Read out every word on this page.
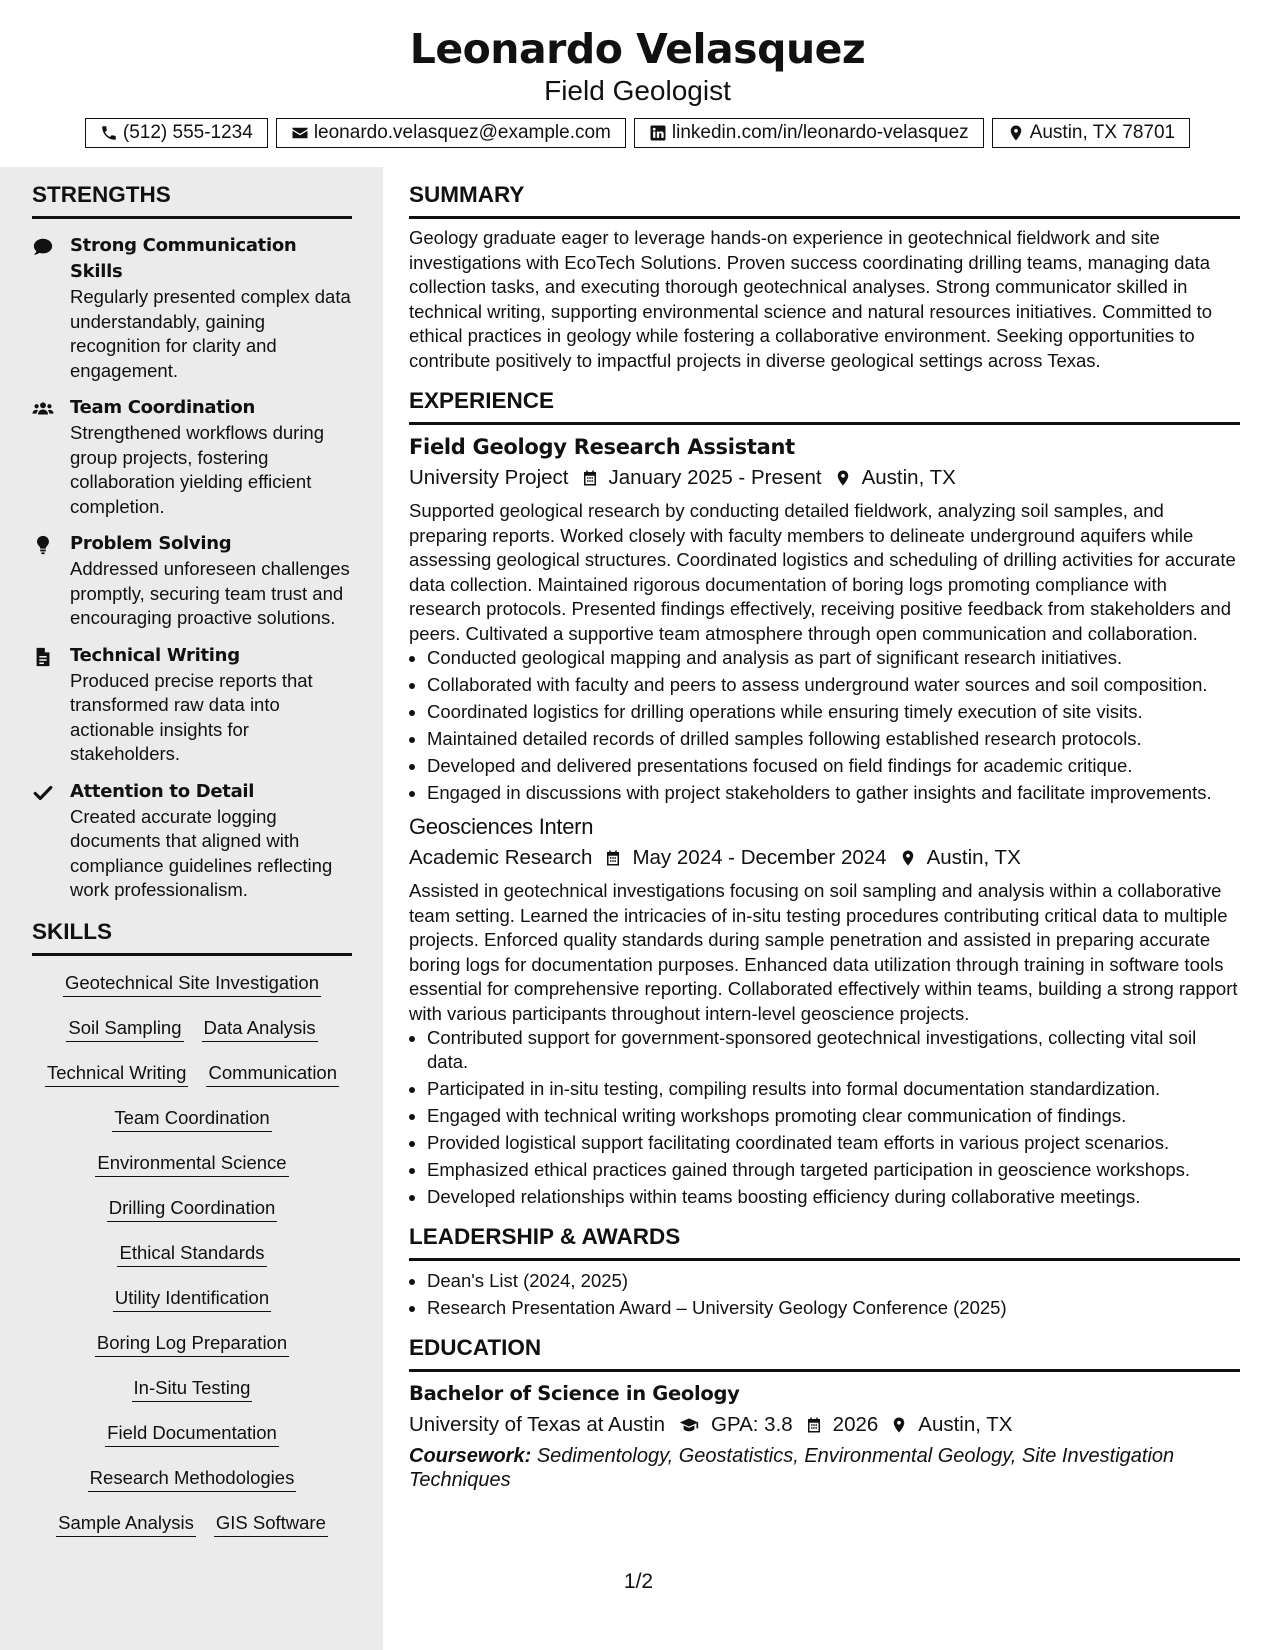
Leonardo Velasquez
Field Geologist
(512) 555-1234	leonardo.velasquez@example.com	linkedin.com/in/leonardo-velasquez	Austin, TX 78701
STRENGTHS
Strong Communication Skills
Regularly presented complex data understandably, gaining recognition for clarity and engagement.
Team Coordination
Strengthened workflows during group projects, fostering collaboration yielding efficient completion.
Problem Solving
Addressed unforeseen challenges promptly, securing team trust and encouraging proactive solutions.
Technical Writing
Produced precise reports that transformed raw data into actionable insights for stakeholders.
Attention to Detail
Created accurate logging documents that aligned with compliance guidelines reflecting work professionalism.
SKILLS
Geotechnical Site Investigation
Soil Sampling Data Analysis
Technical Writing Communication
Team Coordination
Environmental Science
Drilling Coordination
Ethical Standards
Utility Identification
Boring Log Preparation
In-Situ Testing
Field Documentation
Research Methodologies
Sample Analysis GIS Software
SUMMARY
Geology graduate eager to leverage hands-on experience in geotechnical fieldwork and site investigations with EcoTech Solutions. Proven success coordinating drilling teams, managing data collection tasks, and executing thorough geotechnical analyses. Strong communicator skilled in technical writing, supporting environmental science and natural resources initiatives. Committed to ethical practices in geology while fostering a collaborative environment. Seeking opportunities to contribute positively to impactful projects in diverse geological settings across Texas.
EXPERIENCE
Field Geology Research Assistant
University Project January 2025 - Present Austin, TX
Supported geological research by conducting detailed fieldwork, analyzing soil samples, and preparing reports. Worked closely with faculty members to delineate underground aquifers while assessing geological structures. Coordinated logistics and scheduling of drilling activities for accurate data collection. Maintained rigorous documentation of boring logs promoting compliance with research protocols. Presented findings effectively, receiving positive feedback from stakeholders and peers. Cultivated a supportive team atmosphere through open communication and collaboration.
• Conducted geological mapping and analysis as part of significant research initiatives.
• Collaborated with faculty and peers to assess underground water sources and soil composition.
• Coordinated logistics for drilling operations while ensuring timely execution of site visits.
• Maintained detailed records of drilled samples following established research protocols.
• Developed and delivered presentations focused on field findings for academic critique.
• Engaged in discussions with project stakeholders to gather insights and facilitate improvements.
Geosciences Intern
Academic Research May 2024 - December 2024 Austin, TX
Assisted in geotechnical investigations focusing on soil sampling and analysis within a collaborative team setting. Learned the intricacies of in-situ testing procedures contributing critical data to multiple projects. Enforced quality standards during sample penetration and assisted in preparing accurate boring logs for documentation purposes. Enhanced data utilization through training in software tools essential for comprehensive reporting. Collaborated effectively within teams, building a strong rapport with various participants throughout intern-level geoscience projects.
• Contributed support for government-sponsored geotechnical investigations, collecting vital soil data.
• Participated in in-situ testing, compiling results into formal documentation standardization.
• Engaged with technical writing workshops promoting clear communication of findings.
• Provided logistical support facilitating coordinated team efforts in various project scenarios.
• Emphasized ethical practices gained through targeted participation in geoscience workshops.
• Developed relationships within teams boosting efficiency during collaborative meetings.
LEADERSHIP & AWARDS
• Dean's List (2024, 2025)
• Research Presentation Award – University Geology Conference (2025)
EDUCATION
Bachelor of Science in Geology
University of Texas at Austin GPA: 3.8 2026 Austin, TX
Coursework: Sedimentology, Geostatistics, Environmental Geology, Site Investigation Techniques
1/2
